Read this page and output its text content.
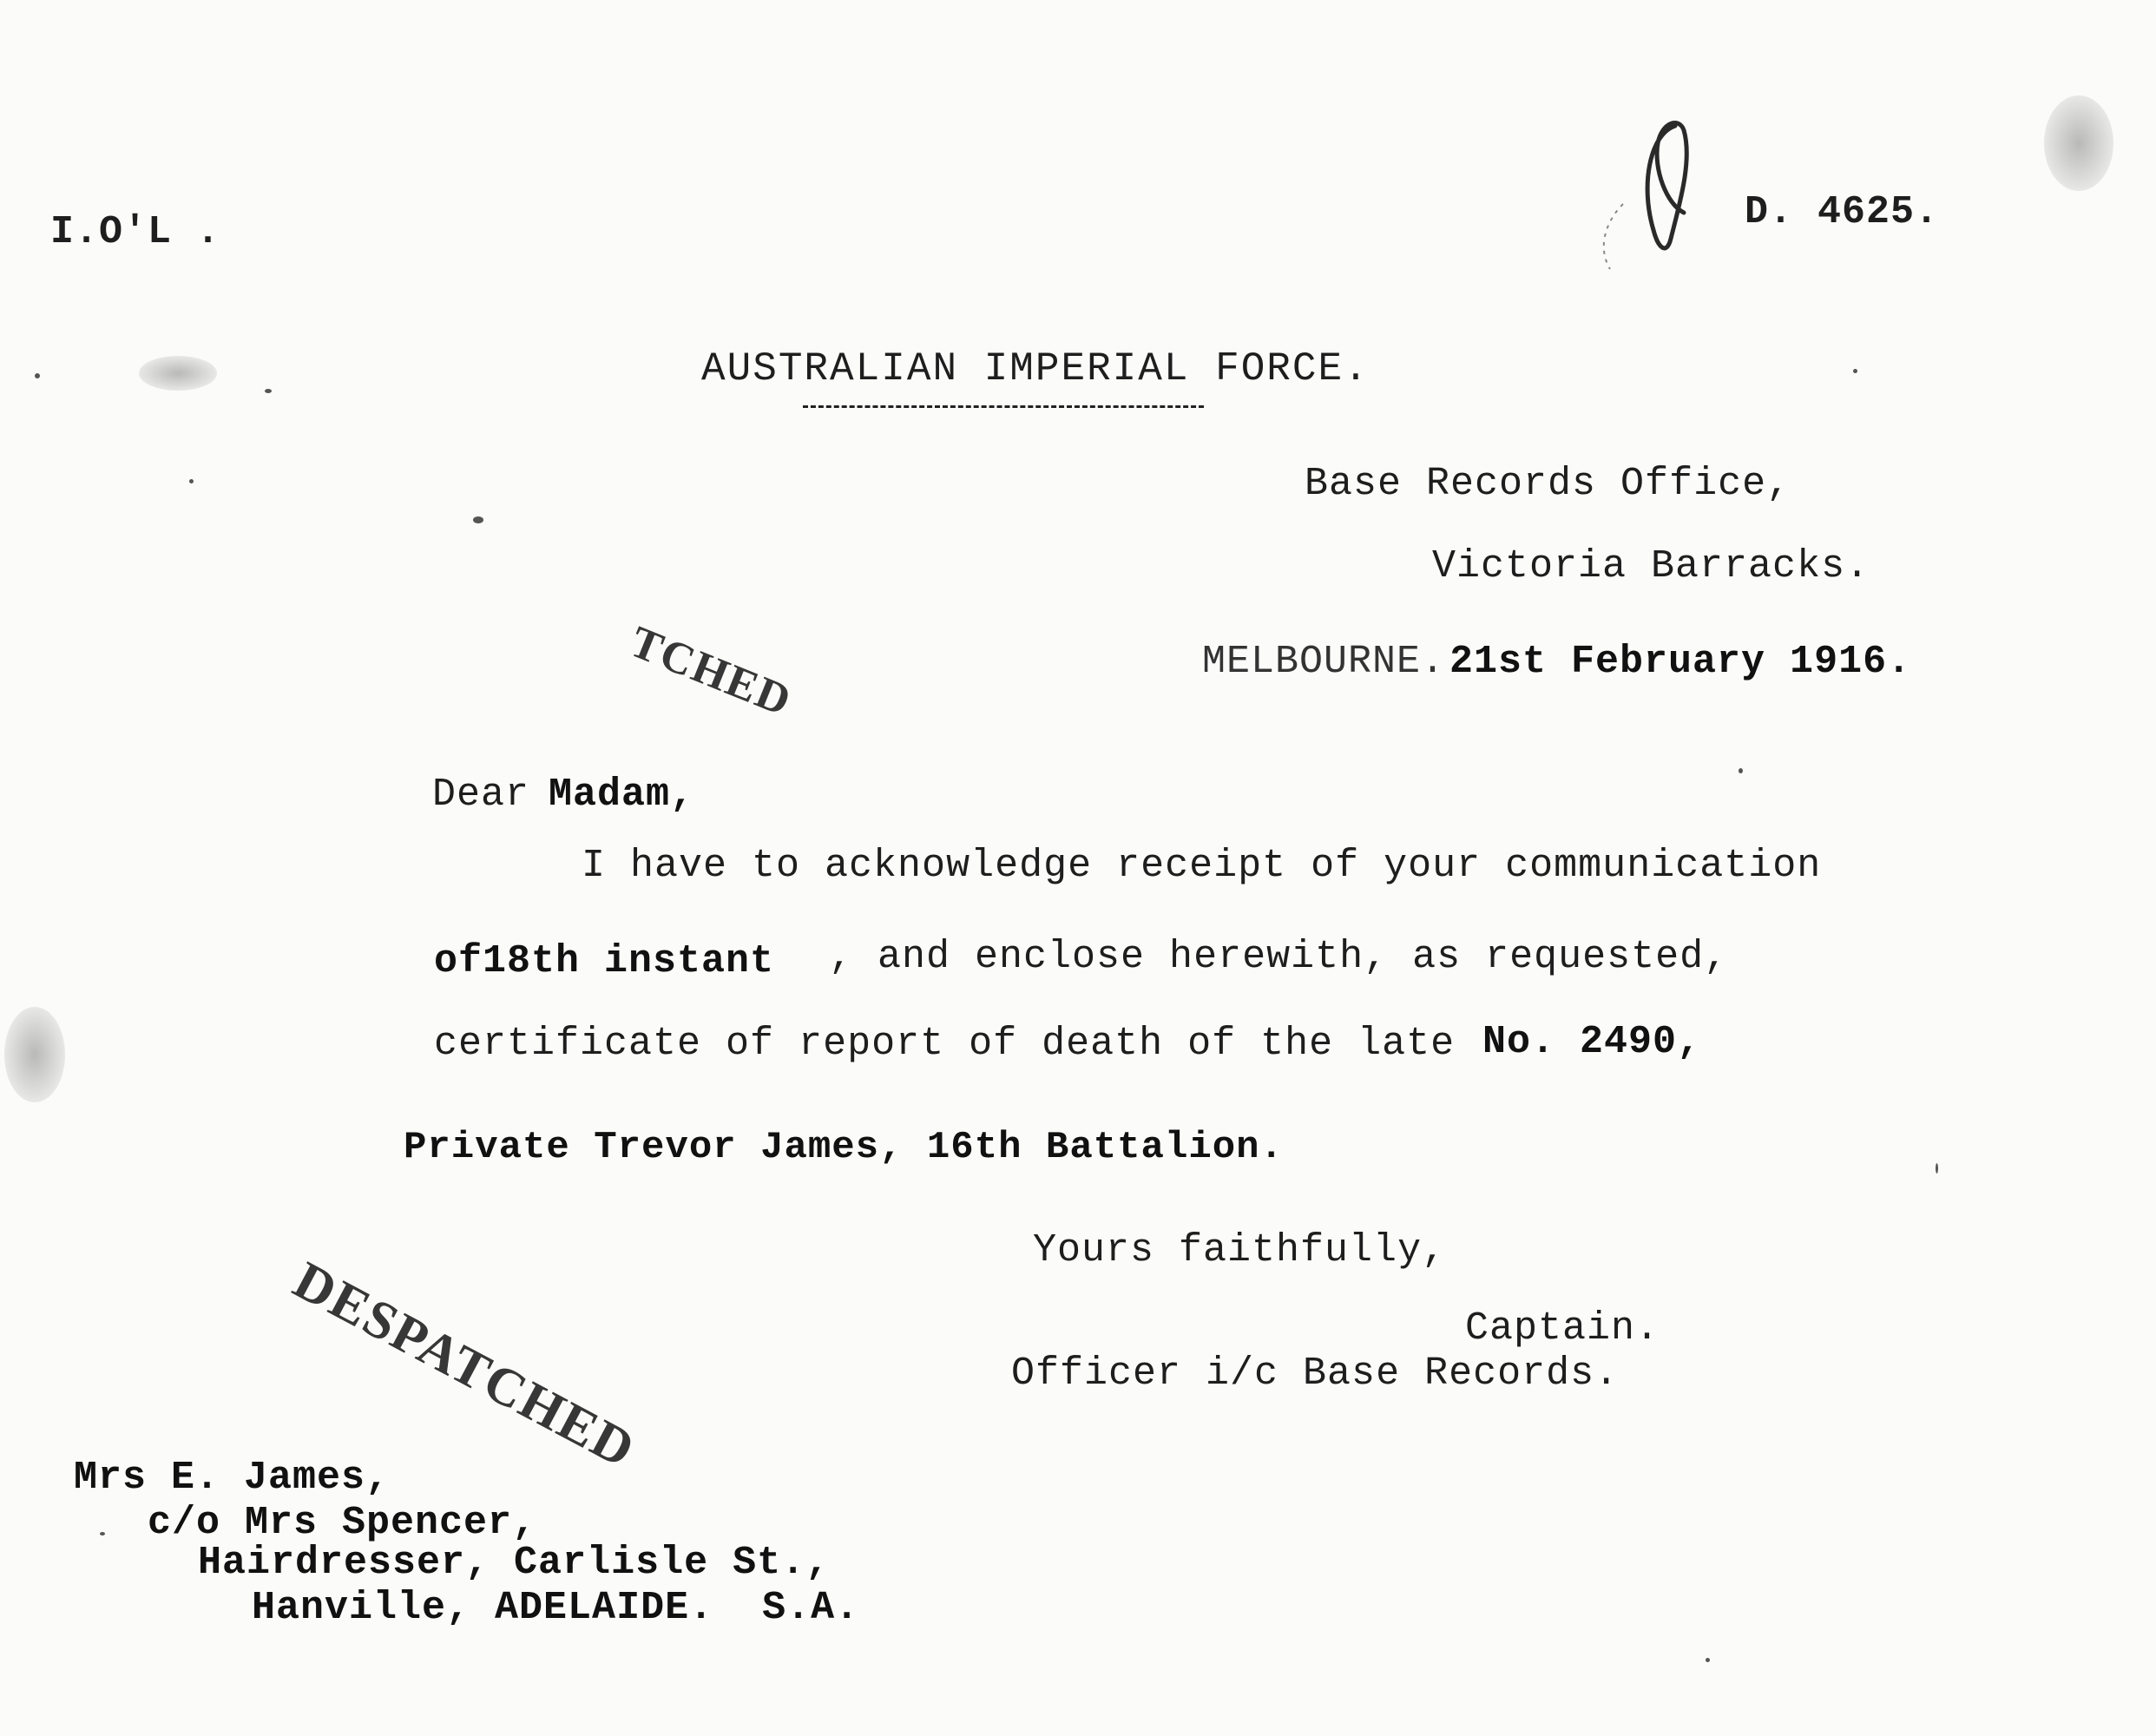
I.O'L .	D. 4625.
AUSTRALIAN IMPERIAL FORCE.
Base Records Office,
Victoria Barracks.
MELBOURNE. 21st February 1916.
TCHED
Dear Madam,
I have to acknowledge receipt of your communication
of18th instant , and enclose herewith, as requested,
certificate of report of death of the late No. 2490,
Private Trevor James, 16th Battalion.
Yours faithfully,
Captain.
Officer i/c Base Records.
DESPATCHED
Mrs E. James,
c/o Mrs Spencer,
Hairdresser, Carlisle St.,
Hanville, ADELAIDE.  S.A.
